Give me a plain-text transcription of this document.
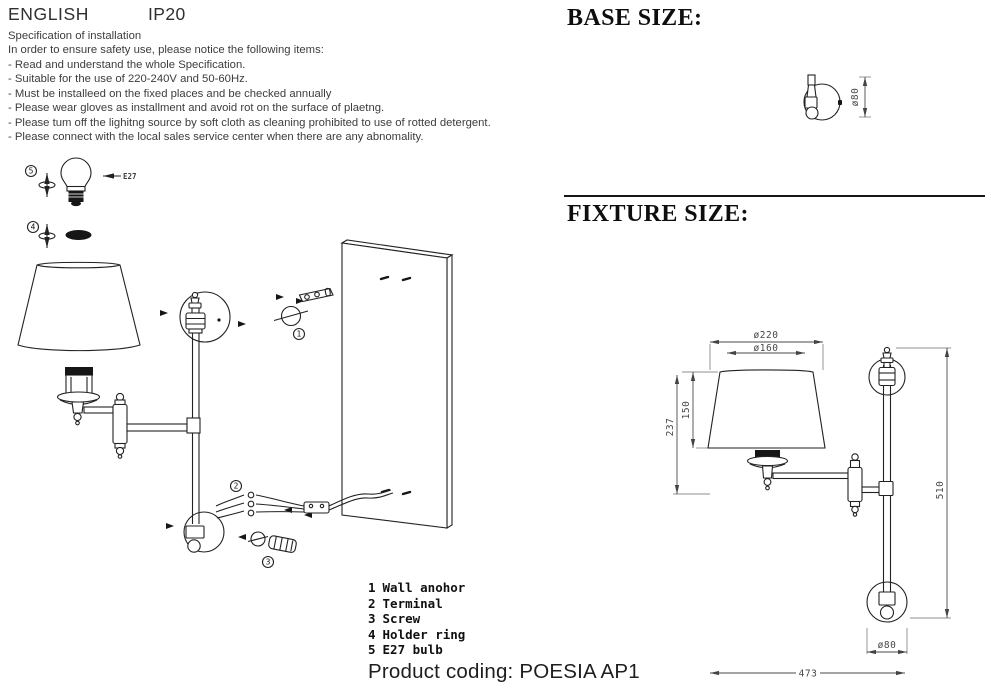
ENGLISH	IP20
Specification of installation
In order to ensure safety use, please notice the following items:
- Read and understand the whole Specification.
- Suitable for the use of 220-240V and 50-60Hz.
- Must be installeed on the fixed places and be checked annually
- Please wear gloves as installment and avoid rot on the surface of plaetng.
- Please tum off the lighitng source by soft cloth as cleaning prohibited to use of rotted detergent.
- Please connect with the local sales service center when there are any abnomality.
5
E27
4
1
2
3
BASE SIZE:
ø80
FIXTURE SIZE:
ø220
ø160
150
237
510
ø80
473
1 Wall anohor
2 Terminal
3 Screw
4 Holder ring
5 E27 bulb
Product coding: POESIA AP1
